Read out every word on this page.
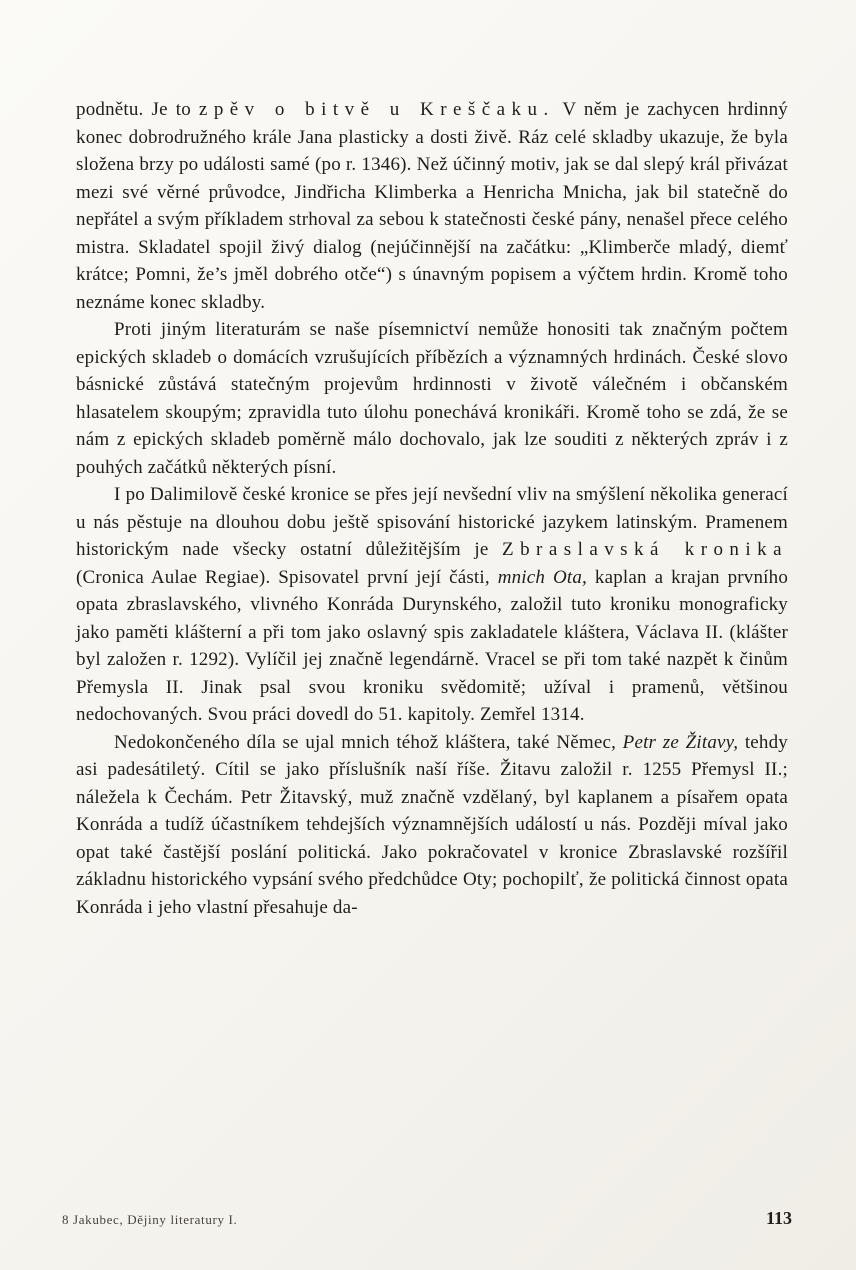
podnětu. Je to zpěv o bitvě u Kreščaku. V něm je zachycen hrdinný konec dobrodružného krále Jana plasticky a dosti živě. Ráz celé skladby ukazuje, že byla složena brzy po události samé (po r. 1346). Než účinný motiv, jak se dal slepý král přivázat mezi své věrné průvodce, Jindřicha Klimberka a Henricha Mnicha, jak bil statečně do nepřátel a svým příkladem strhoval za sebou k statečnosti české pány, nenašel přece celého mistra. Skladatel spojil živý dialog (nejúčinnější na začátku: „Klimberče mladý, diemť krátce; Pomni, že’s jměl dobrého otče“) s únavným popisem a výčtem hrdin. Kromě toho neznáme konec skladby.

Proti jiným literaturám se naše písemnictví nemůže honositi tak značným počtem epických skladeb o domácích vzrušujících příbězích a významných hrdinách. České slovo básnické zůstává statečným projevům hrdinnosti v životě válečném i občanském hlasatelem skoupým; zpravidla tuto úlohu ponechává kronikáři. Kromě toho se zdá, že se nám z epických skladeb poměrně málo dochovalo, jak lze souditi z některých zpráv i z pouhých začátků některých písní.

I po Dalimilově české kronice se přes její nevšední vliv na smýšlení několika generací u nás pěstuje na dlouhou dobu ještě spisování historické jazykem latinským. Pramenem historickým nade všecky ostatní důležitějším je Zbraslavská kronika (Cronica Aulae Regiae). Spisovatel první její části, mnich Ota, kaplan a krajan prvního opata zbraslavského, vlivného Konráda Durynského, založil tuto kroniku monograficky jako paměti klášterní a při tom jako oslavný spis zakladatele kláštera, Václava II. (klášter byl založen r. 1292). Vylíčil jej značně legendárně. Vracel se při tom také nazpět k činům Přemysla II. Jinak psal svou kroniku svědomitě; užíval i pramenů, většinou nedochovaných. Svou práci dovedl do 51. kapitoly. Zemřel 1314.

Nedokončeného díla se ujal mnich téhož kláštera, také Němec, Petr ze Žitavy, tehdy asi padesátiletý. Cítil se jako příslušník naší říše. Žitavu založil r. 1255 Přemysl II.; náležela k Čechám. Petr Žitavský, muž značně vzdělaný, byl kaplanem a písařem opata Konráda a tudíž účastníkem tehdejších významnějších událostí u nás. Později míval jako opat také častější poslání politická. Jako pokračovatel v kronice Zbraslavské rozšířil základnu historického vypsání svého předchůdce Oty; pochopilť, že politická činnost opata Konráda i jeho vlastní přesahuje da-

8 Jakubec, Dějiny literatury I.	113
